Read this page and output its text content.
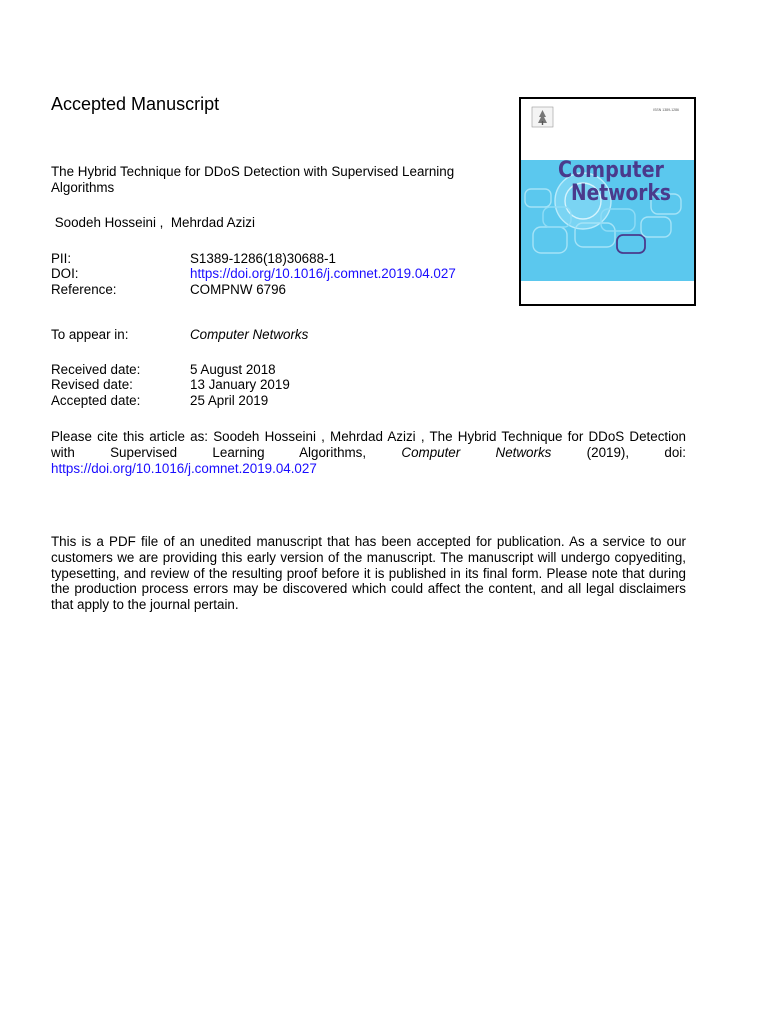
Accepted Manuscript
The Hybrid Technique for DDoS Detection with Supervised Learning Algorithms
Soodeh Hosseini ,  Mehrdad Azizi
PII:	S1389-1286(18)30688-1
DOI:	https://doi.org/10.1016/j.comnet.2019.04.027
Reference:	COMPNW 6796
To appear in:	Computer Networks
Received date:	5 August 2018
Revised date:	13 January 2019
Accepted date:	25 April 2019
Please cite this article as: Soodeh Hosseini , Mehrdad Azizi , The Hybrid Technique for DDoS Detection with Supervised Learning Algorithms, Computer Networks (2019), doi: https://doi.org/10.1016/j.comnet.2019.04.027
This is a PDF file of an unedited manuscript that has been accepted for publication. As a service to our customers we are providing this early version of the manuscript. The manuscript will undergo copyediting, typesetting, and review of the resulting proof before it is published in its final form. Please note that during the production process errors may be discovered which could affect the content, and all legal disclaimers that apply to the journal pertain.
ISSN 1389-1286
Computer
Networks
